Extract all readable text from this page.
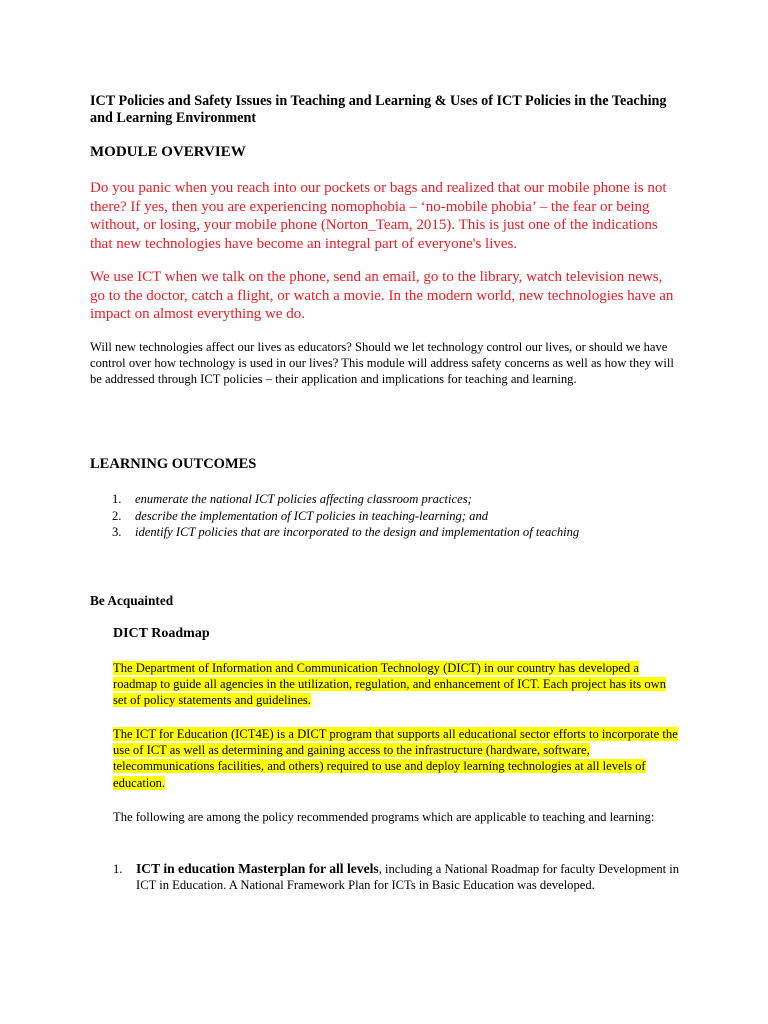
ICT Policies and Safety Issues in Teaching and Learning & Uses of ICT Policies in the Teaching and Learning Environment
MODULE OVERVIEW
Do you panic when you reach into our pockets or bags and realized that our mobile phone is not there? If yes, then you are experiencing nomophobia – ‘no-mobile phobia’ – the fear or being without, or losing, your mobile phone (Norton_Team, 2015). This is just one of the indications that new technologies have become an integral part of everyone's lives.
We use ICT when we talk on the phone, send an email, go to the library, watch television news, go to the doctor, catch a flight, or watch a movie. In the modern world, new technologies have an impact on almost everything we do.
Will new technologies affect our lives as educators? Should we let technology control our lives, or should we have control over how technology is used in our lives? This module will address safety concerns as well as how they will be addressed through ICT policies – their application and implications for teaching and learning.
LEARNING OUTCOMES
1. enumerate the national ICT policies affecting classroom practices;
2. describe the implementation of ICT policies in teaching-learning; and
3. identify ICT policies that are incorporated to the design and implementation of teaching
Be Acquainted
DICT Roadmap
The Department of Information and Communication Technology (DICT) in our country has developed a roadmap to guide all agencies in the utilization, regulation, and enhancement of ICT. Each project has its own set of policy statements and guidelines.
The ICT for Education (ICT4E) is a DICT program that supports all educational sector efforts to incorporate the use of ICT as well as determining and gaining access to the infrastructure (hardware, software, telecommunications facilities, and others) required to use and deploy learning technologies at all levels of education.
The following are among the policy recommended programs which are applicable to teaching and learning:
1. ICT in education Masterplan for all levels, including a National Roadmap for faculty Development in ICT in Education. A National Framework Plan for ICTs in Basic Education was developed.
